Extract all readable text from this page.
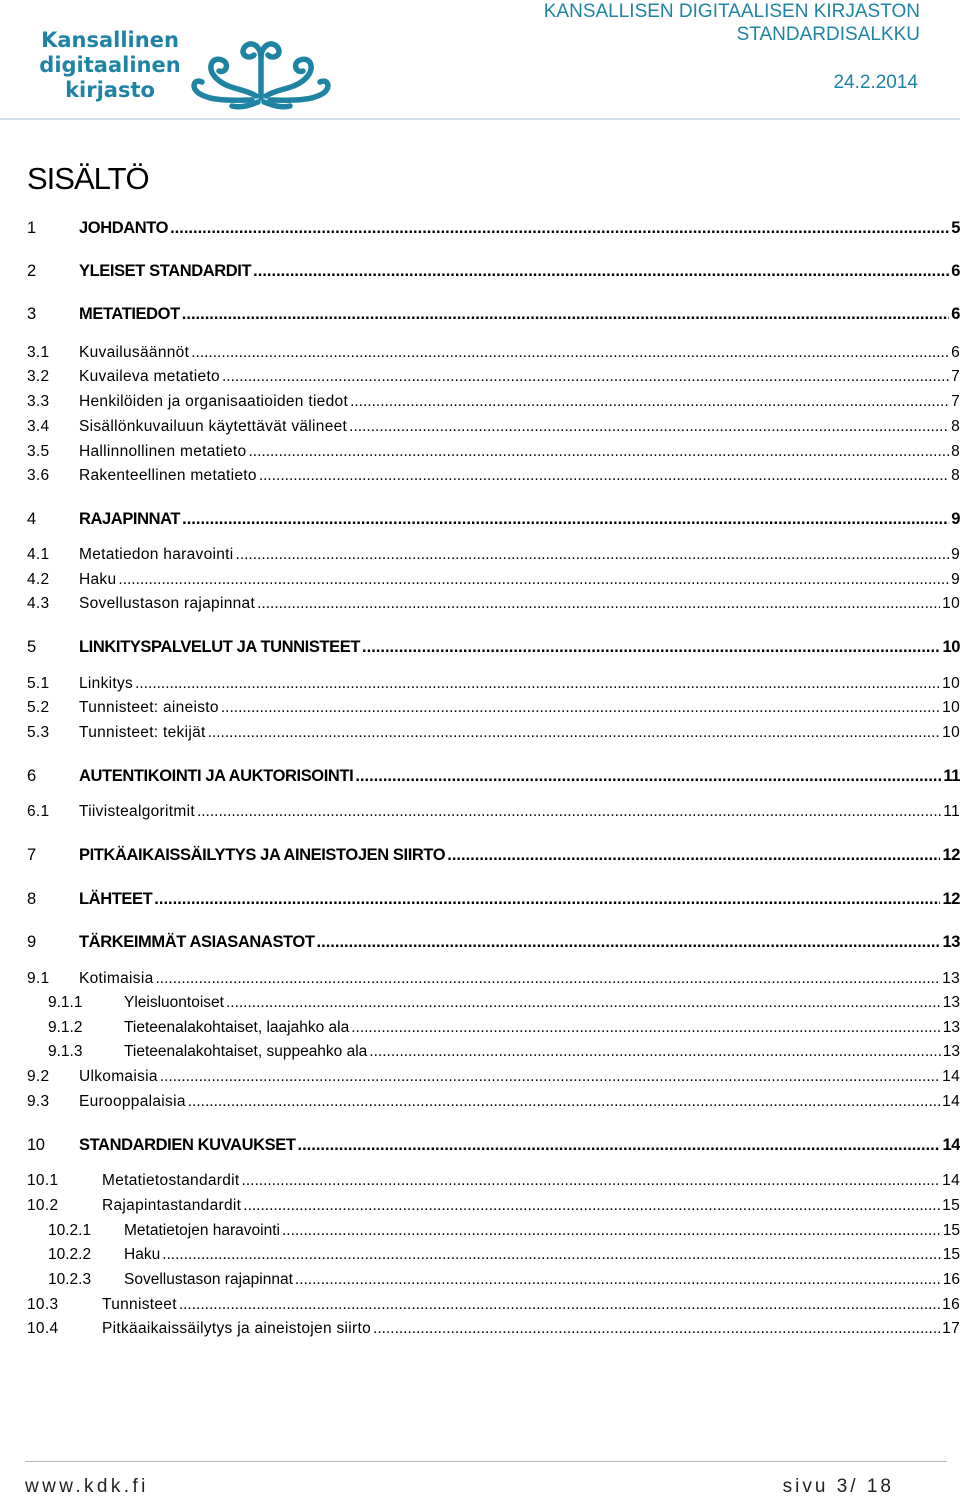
Kansallinen
digitaalinen
kirjasto
KANSALLISEN DIGITAALISEN KIRJASTON STANDARDISALKKU
24.2.2014
SISÄLTÖ
1	JOHDANTO .....	5
2	YLEISET STANDARDIT .....	6
3	METATIEDOT .....	6
3.1	Kuvailusäännöt .....	6
3.2	Kuvaileva metatieto .....	7
3.3	Henkilöiden ja organisaatioiden tiedot .....	7
3.4	Sisällönkuvailuun käytettävät välineet .....	8
3.5	Hallinnollinen metatieto .....	8
3.6	Rakenteellinen metatieto .....	8
4	RAJAPINNAT .....	9
4.1	Metatiedon haravointi .....	9
4.2	Haku .....	9
4.3	Sovellustason rajapinnat .....	10
5	LINKITYSPALVELUT JA TUNNISTEET .....	10
5.1	Linkitys .....	10
5.2	Tunnisteet: aineisto .....	10
5.3	Tunnisteet: tekijät .....	10
6	AUTENTIKOINTI JA AUKTORISOINTI .....	11
6.1	Tiivistealgoritmit .....	11
7	PITKÄAIKAISSÄILYTYS JA AINEISTOJEN SIIRTO .....	12
8	LÄHTEET .....	12
9	TÄRKEIMMÄT ASIASANASTOT .....	13
9.1	Kotimaisia .....	13
9.1.1	Yleisluontoiset .....	13
9.1.2	Tieteenalakohtaiset, laajahko ala .....	13
9.1.3	Tieteenalakohtaiset, suppeahko ala .....	13
9.2	Ulkomaisia .....	14
9.3	Eurooppalaisia .....	14
10	STANDARDIEN KUVAUKSET .....	14
10.1	Metatietostandardit .....	14
10.2	Rajapintastandardit .....	15
10.2.1	Metatietojen haravointi .....	15
10.2.2	Haku .....	15
10.2.3	Sovellustason rajapinnat .....	16
10.3	Tunnisteet .....	16
10.4	Pitkäaikaissäilytys ja aineistojen siirto .....	17
www.kdk.fi	sivu 3/ 18
